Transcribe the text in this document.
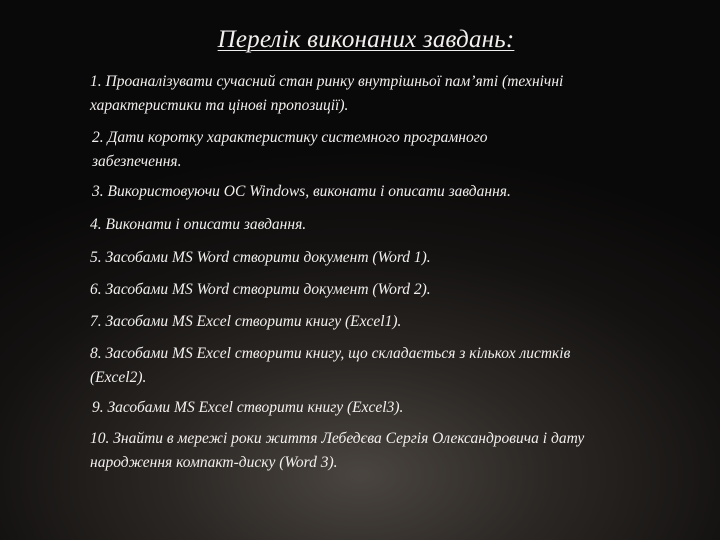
Перелік виконаних завдань:
1. Проаналізувати сучасний стан ринку внутрішньої пам’яті (технічні
характеристики та цінові пропозиції).
2. Дати коротку характеристику системного програмного
забезпечення.
3. Використовуючи ОС Windows, виконати і описати завдання.
4. Виконати і описати завдання.
5. Засобами MS Word створити документ (Word 1).
6. Засобами MS Word створити документ (Word 2).
7. Засобами MS Excel створити книгу (Excel1).
8. Засобами MS Excel створити книгу, що складається з кількох листків
(Excel2).
9. Засобами MS Excel створити книгу (Excel3).
10. Знайти в мережі роки життя Лебедєва Сергія Олександровича і дату
народження компакт-диску (Word 3).
